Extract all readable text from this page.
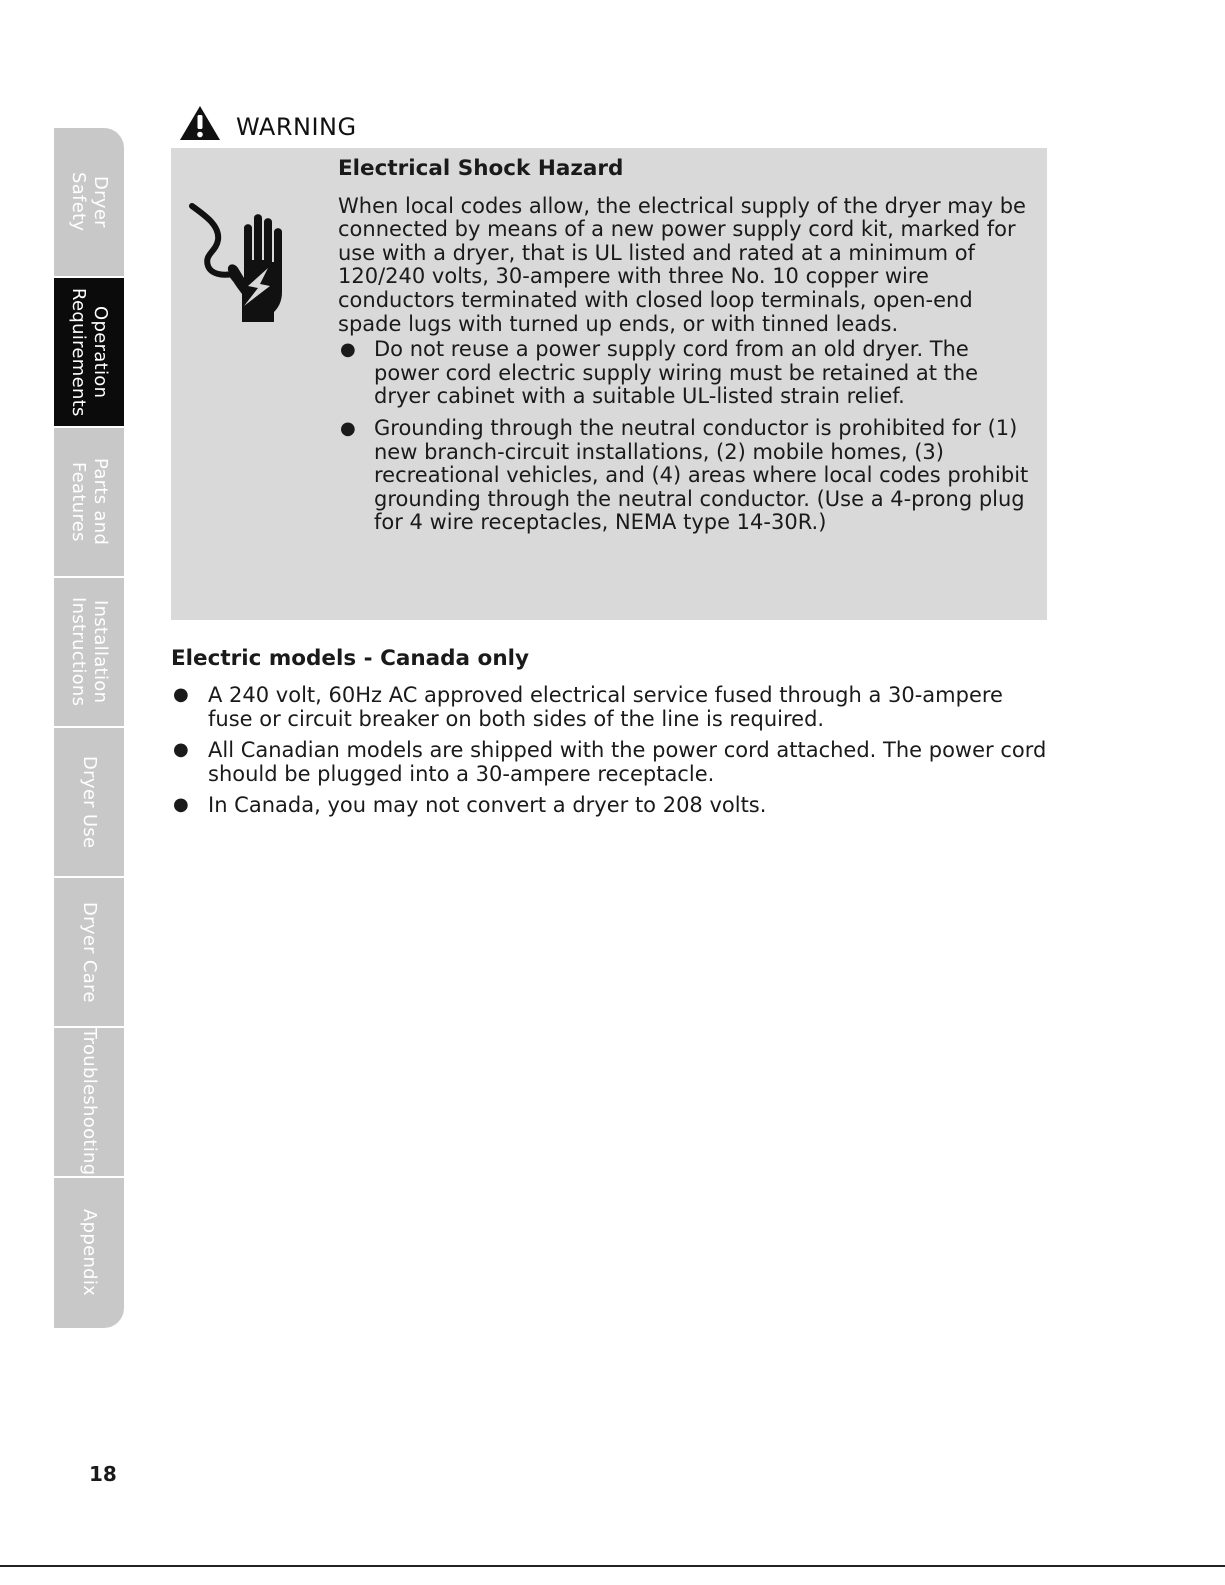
Dryer
Safety
Operation
Requirements
Parts and
Features
Installation
Instructions
Dryer Use
Dryer Care
Troubleshooting
Appendix
WARNING

Electrical Shock Hazard

When local codes allow, the electrical supply of the dryer may be connected by means of a new power supply cord kit, marked for use with a dryer, that is UL listed and rated at a minimum of 120/240 volts, 30-ampere with three No. 10 copper wire conductors terminated with closed loop terminals, open-end spade lugs with turned up ends, or with tinned leads.

● Do not reuse a power supply cord from an old dryer. The power cord electric supply wiring must be retained at the dryer cabinet with a suitable UL-listed strain relief.
● Grounding through the neutral conductor is prohibited for (1) new branch-circuit installations, (2) mobile homes, (3) recreational vehicles, and (4) areas where local codes prohibit grounding through the neutral conductor. (Use a 4-prong plug for 4 wire receptacles, NEMA type 14-30R.)
Electric models - Canada only
● A 240 volt, 60Hz AC approved electrical service fused through a 30-ampere fuse or circuit breaker on both sides of the line is required.
● All Canadian models are shipped with the power cord attached. The power cord should be plugged into a 30-ampere receptacle.
● In Canada, you may not convert a dryer to 208 volts.
18
